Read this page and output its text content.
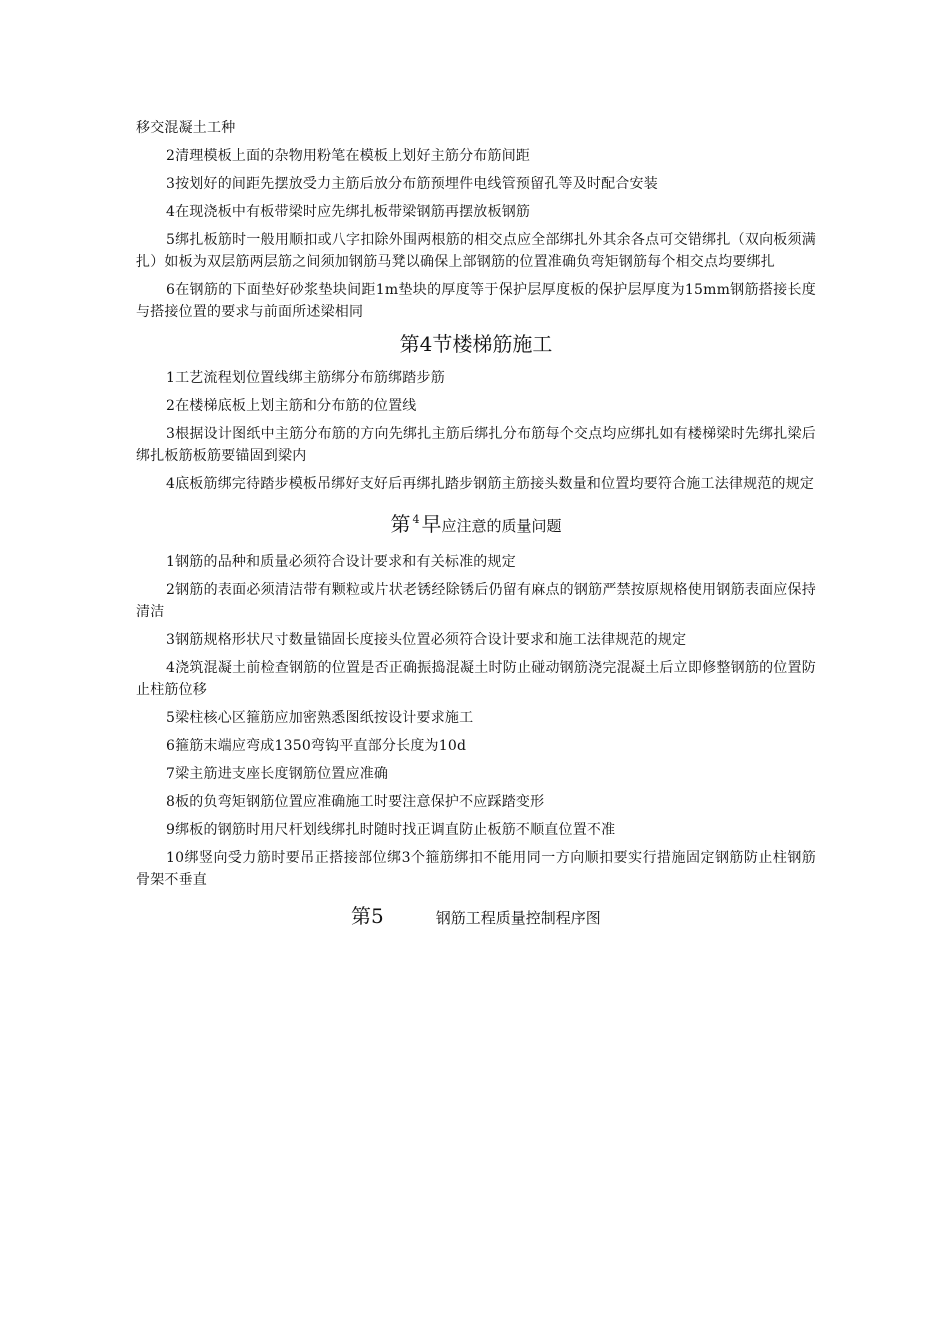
移交混凝土工种

2清理模板上面的杂物用粉笔在模板上划好主筋分布筋间距

3按划好的间距先摆放受力主筋后放分布筋预埋件电线管预留孔等及时配合安装

4在现浇板中有板带梁时应先绑扎板带梁钢筋再摆放板钢筋

5绑扎板筋时一般用顺扣或八字扣除外围两根筋的相交点应全部绑扎外其余各点可交错绑扎（双向板须满扎）如板为双层筋两层筋之间须加钢筋马凳以确保上部钢筋的位置准确负弯矩钢筋每个相交点均要绑扎

6在钢筋的下面垫好砂浆垫块间距1m垫块的厚度等于保护层厚度板的保护层厚度为15mm钢筋搭接长度与搭接位置的要求与前面所述梁相同

第4节楼梯筋施工

1工艺流程划位置线绑主筋绑分布筋绑踏步筋

2在楼梯底板上划主筋和分布筋的位置线

3根据设计图纸中主筋分布筋的方向先绑扎主筋后绑扎分布筋每个交点均应绑扎如有楼梯梁时先绑扎梁后绑扎板筋板筋要锚固到梁内

4底板筋绑完待踏步模板吊绑好支好后再绑扎踏步钢筋主筋接头数量和位置均要符合施工法律规范的规定

第 $^4$ 早应注意的质量问题

1钢筋的品种和质量必须符合设计要求和有关标准的规定

2钢筋的表面必须清洁带有颗粒或片状老锈经除锈后仍留有麻点的钢筋严禁按原规格使用钢筋表面应保持清洁

3钢筋规格形状尺寸数量锚固长度接头位置必须符合设计要求和施工法律规范的规定

4浇筑混凝土前检查钢筋的位置是否正确振捣混凝土时防止碰动钢筋浇完混凝土后立即修整钢筋的位置防止柱筋位移

5梁柱核心区箍筋应加密熟悉图纸按设计要求施工

6箍筋末端应弯成1350弯钩平直部分长度为10d

7梁主筋进支座长度钢筋位置应准确

8板的负弯矩钢筋位置应准确施工时要注意保护不应踩踏变形

9绑板的钢筋时用尺杆划线绑扎时随时找正调直防止板筋不顺直位置不准

10绑竖向受力筋时要吊正搭接部位绑3个箍筋绑扣不能用同一方向顺扣要实行措施固定钢筋防止柱钢筋骨架不垂直

第5	钢筋工程质量控制程序图
